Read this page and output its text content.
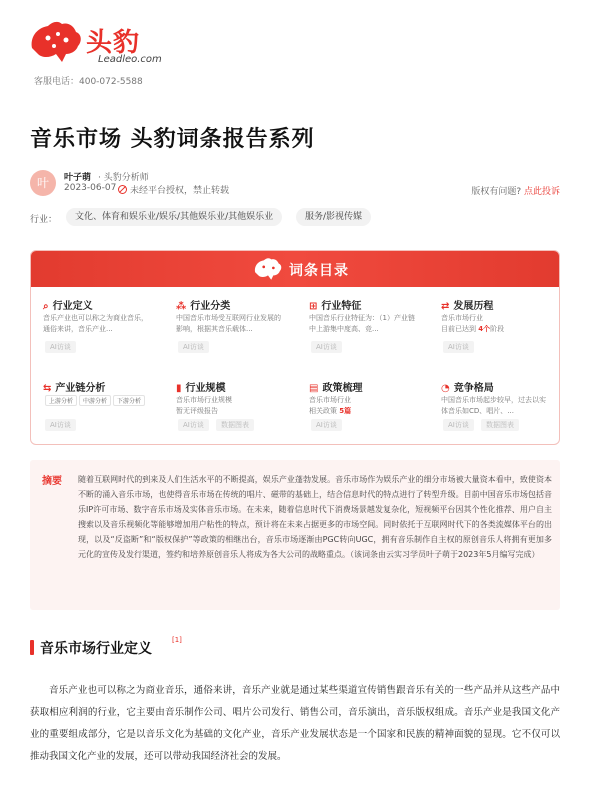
头豹
Leadleo.com
客服电话：400-072-5588
音乐市场 头豹词条报告系列
叶	叶子萌 · 头豹分析师
2023-06-07	未经平台授权，禁止转载	版权有问题? 点此投诉
行业：	文化、体育和娱乐业/娱乐/其他娱乐业/其他娱乐业	服务/影视传媒
词条目录
⌕ 行业定义
音乐产业也可以称之为商业音乐，通俗来讲，音乐产业...
AI访谈
⁂ 行业分类
中国音乐市场受互联网行业发展的影响，根据其音乐载体...
AI访谈
⊞ 行业特征
中国音乐行业特征为：（1）产业链中上游集中度高、竞...
AI访谈
⇄ 发展历程
音乐市场行业
目前已达到 4个阶段
AI访谈
⇆ 产业链分析
上游分析	中游分析	下游分析
AI访谈
▮ 行业规模
音乐市场行业规模
暂无评级报告
AI访谈	数据图表
▤ 政策梳理
音乐市场行业
相关政策 5篇
AI访谈
◔ 竞争格局
中国音乐市场起步较早，过去以实体音乐如CD、唱片、...
AI访谈	数据图表
摘要 随着互联网时代的到来及人们生活水平的不断提高，娱乐产业蓬勃发展。音乐市场作为娱乐产业的细分市场被大量资本看中，致使资本不断的涌入音乐市场，也使得音乐市场在传统的唱片、磁带的基础上，结合信息时代的特点进行了转型升级。目前中国音乐市场包括音乐IP许可市场、数字音乐市场及实体音乐市场。在未来，随着信息时代下消费场景越发复杂化，短视频平台因其个性化推荐、用户自主搜索以及音乐视频化等能够增加用户粘性的特点，预计将在未来占据更多的市场空间。同时依托于互联网时代下的各类流媒体平台的出现，以及“反盗断”和“版权保护”等政策的相继出台，音乐市场逐渐由PGC转向UGC，拥有音乐制作自主权的原创音乐人将拥有更加多元化的宣传及发行渠道，签约和培养原创音乐人将成为各大公司的战略重点。（该词条由云实习学员叶子萌于2023年5月编写完成）

音乐市场行业定义
[1]

音乐产业也可以称之为商业音乐，通俗来讲，音乐产业就是通过某些渠道宣传销售跟音乐有关的一些产品并从这些产品中获取相应利润的行业，它主要由音乐制作公司、唱片公司发行、销售公司，音乐演出，音乐版权组成。音乐产业是我国文化产业的重要组成部分，它是以音乐文化为基础的文化产业，音乐产业发展状态是一个国家和民族的精神面貌的显现。它不仅可以推动我国文化产业的发展，还可以带动我国经济社会的发展。
